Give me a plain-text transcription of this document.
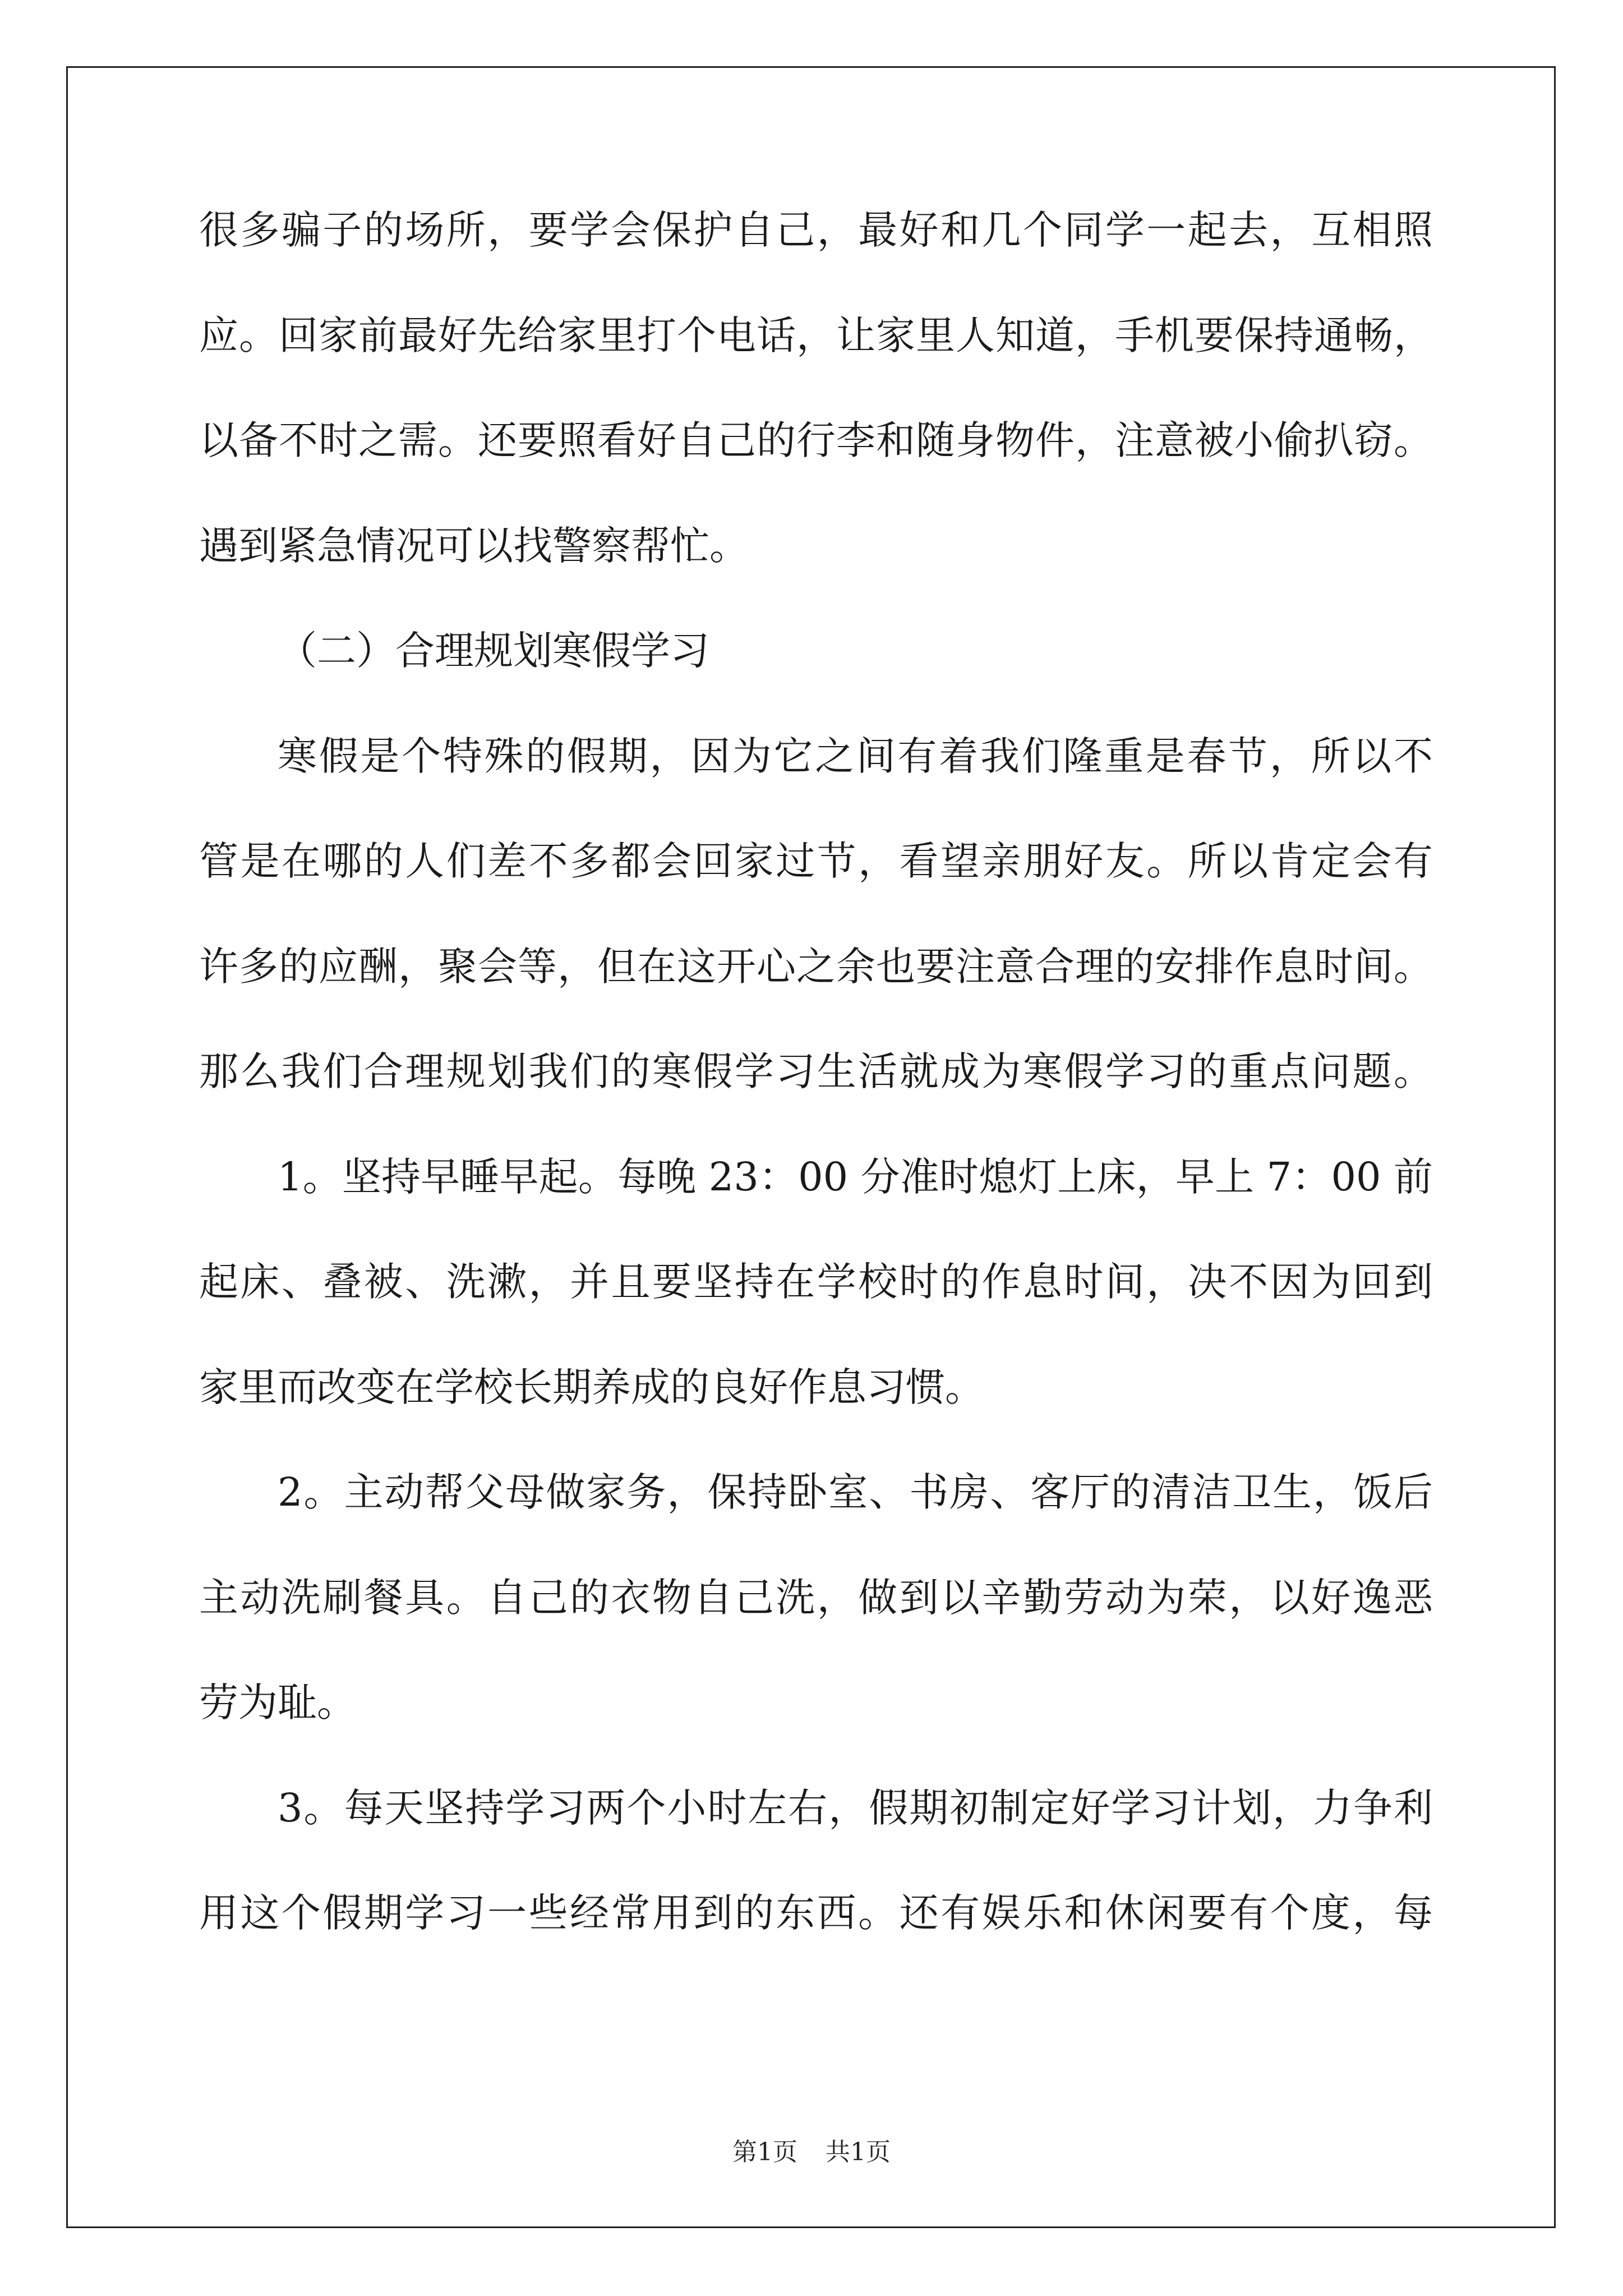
很多骗子的场所，要学会保护自己，最好和几个同学一起去，互相照
应。回家前最好先给家里打个电话，让家里人知道，手机要保持通畅，
以备不时之需。还要照看好自己的行李和随身物件，注意被小偷扒窃。
遇到紧急情况可以找警察帮忙。
（二）合理规划寒假学习
寒假是个特殊的假期，因为它之间有着我们隆重是春节，所以不
管是在哪的人们差不多都会回家过节，看望亲朋好友。所以肯定会有
许多的应酬，聚会等，但在这开心之余也要注意合理的安排作息时间。
那么我们合理规划我们的寒假学习生活就成为寒假学习的重点问题。
1。坚持早睡早起。每晚 23：00 分准时熄灯上床，早上 7：00 前
起床、叠被、洗漱，并且要坚持在学校时的作息时间，决不因为回到
家里而改变在学校长期养成的良好作息习惯。
2。主动帮父母做家务，保持卧室、书房、客厅的清洁卫生，饭后
主动洗刷餐具。自己的衣物自己洗，做到以辛勤劳动为荣，以好逸恶
劳为耻。
3。每天坚持学习两个小时左右，假期初制定好学习计划，力争利
用这个假期学习一些经常用到的东西。还有娱乐和休闲要有个度，每
第1页 共1页
